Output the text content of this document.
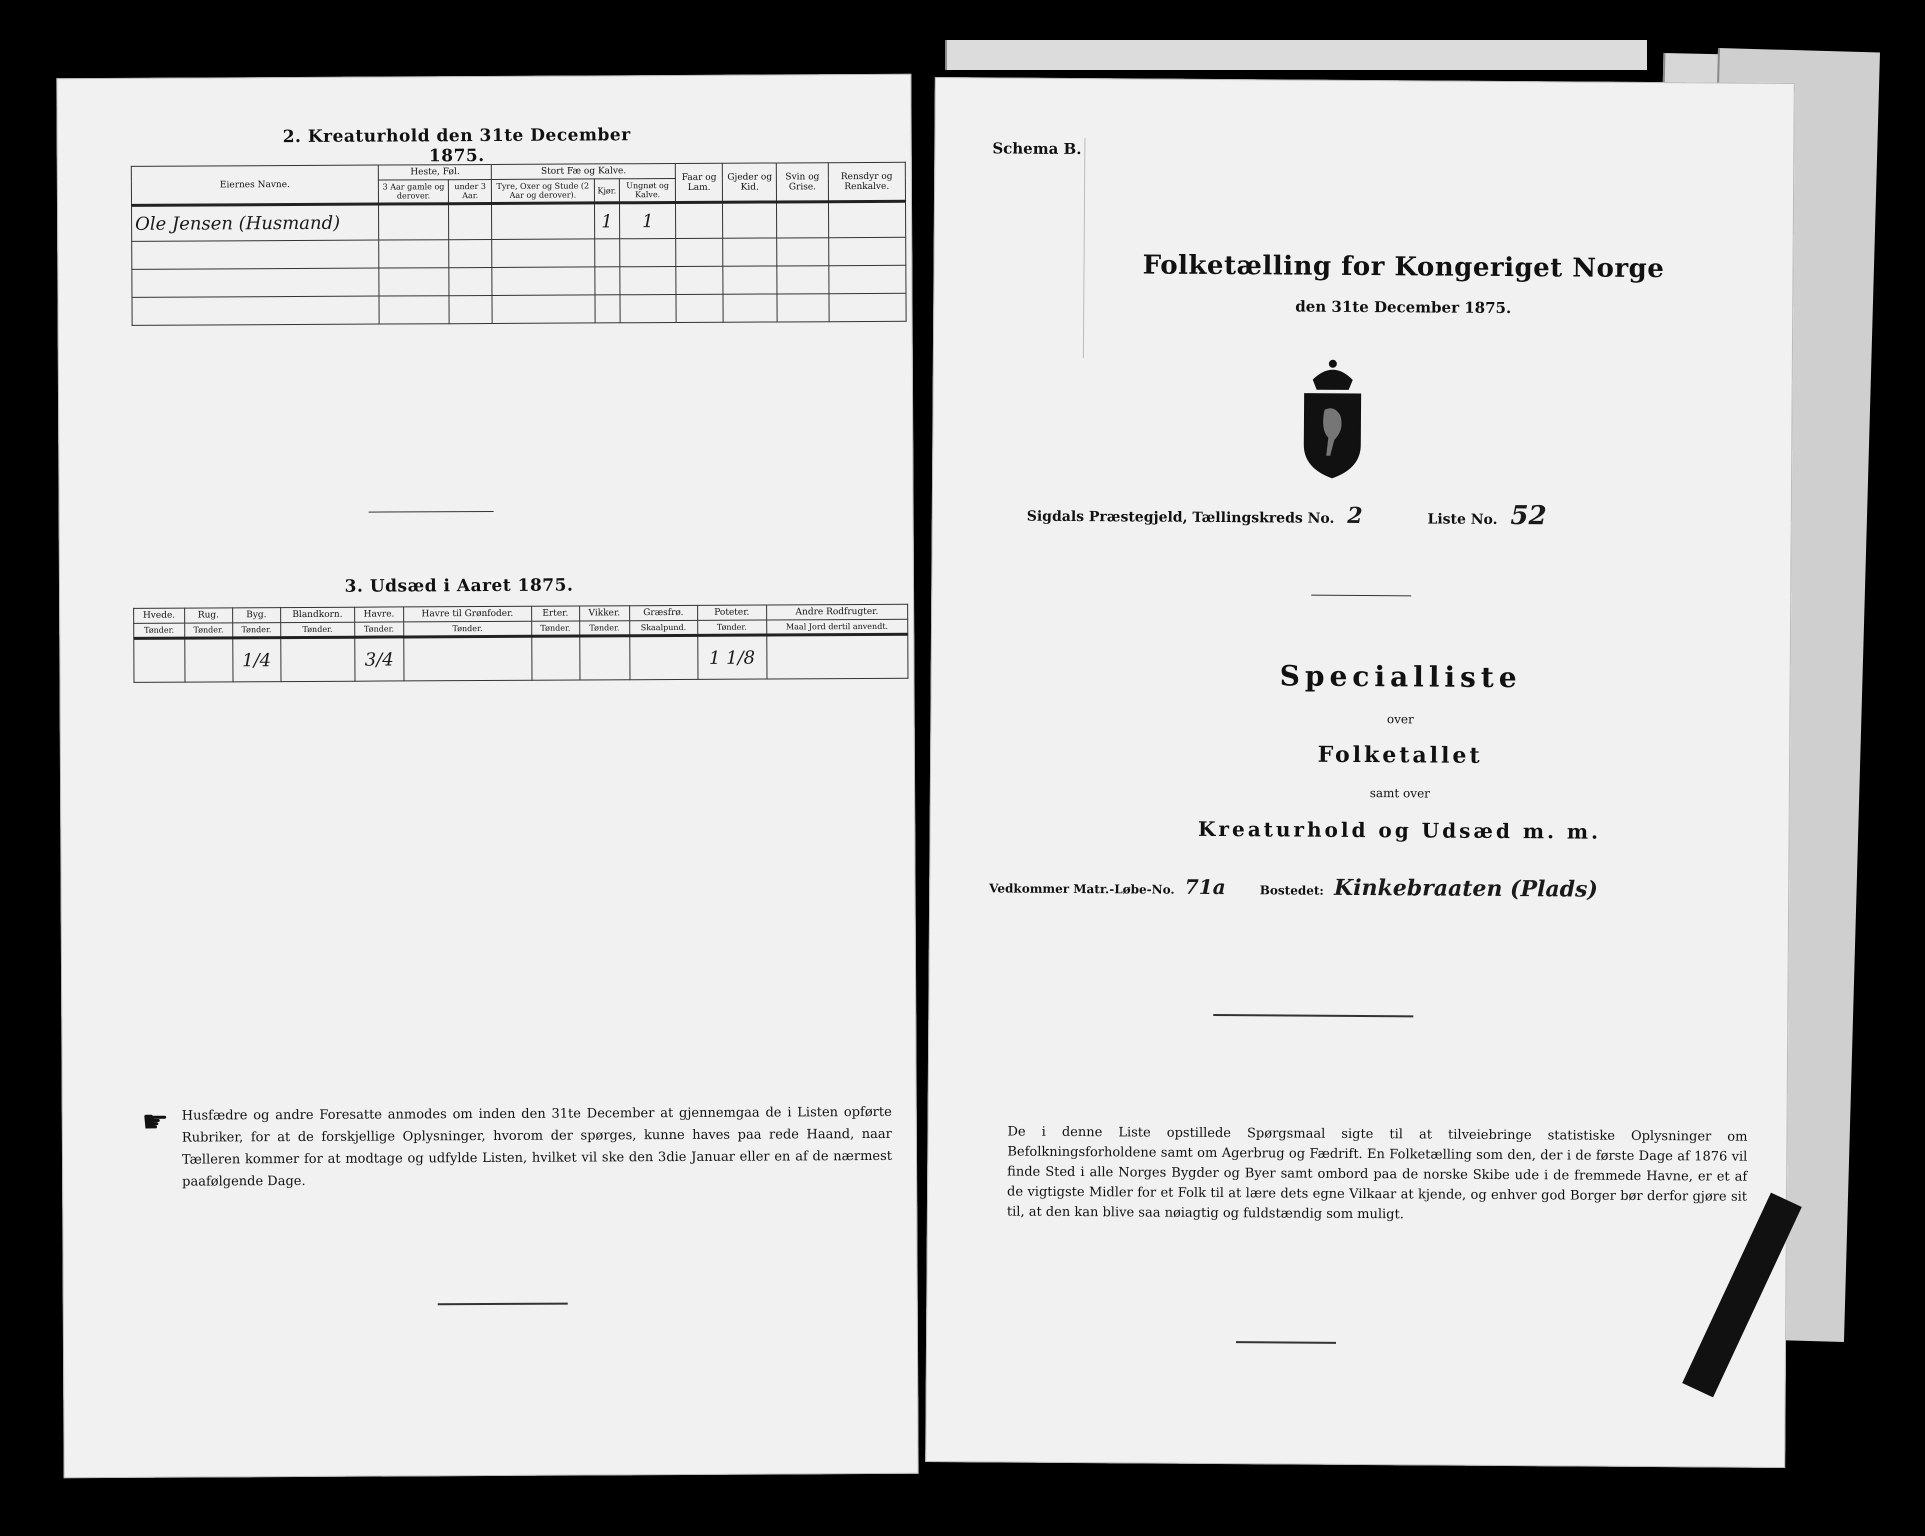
2. Kreaturhold den 31te December 1875.
Eiernes Navne.	Heste, Føl.		Stort Fæ og Kalve.			Faar og Lam.	Gjeder og Kid.	Svin og Grise.	Rensdyr og Renkalve.
	3 Aar gamle og derover.	under 3 Aar.	Tyre, Oxer og Stude (2 Aar og derover).	Kjør.	Ungnøt og Kalve.				
Ole Jensen (Husmand)				1	1				

3. Udsæd i Aaret 1875.
Hvede.	Rug.	Byg.	Blandkorn.	Havre.	Havre til Grønfoder.	Erter.	Vikker.	Græsfrø.	Poteter.	Andre Rodfrugter.
Tønder.	Tønder.	Tønder.	Tønder.	Tønder.	Tønder.	Tønder.	Tønder.	Skaalpund.	Tønder.	Maal Jord dertil anvendt.
		1/4		3/4					1 1/8	
☛ Husfædre og andre Foresatte anmodes om inden den 31te December at gjennemgaa de i Listen opførte Rubriker, for at de forskjellige Oplysninger, hvorom der spørges, kunne haves paa rede Haand, naar Tælleren kommer for at modtage og udfylde Listen, hvilket vil ske den 3die Januar eller en af de nærmest paafølgende Dage.
Schema B.
Folketælling for Kongeriget Norge
den 31te December 1875.
Sigdals Præstegjeld, Tællingskreds No. 2	Liste No. 52
Specialliste
over
Folketallet
samt over
Kreaturhold og Udsæd m. m.
Vedkommer Matr.-Løbe-No. 71a	Bostedet: Kinkebraaten (Plads)
De i denne Liste opstillede Spørgsmaal sigte til at tilveiebringe statistiske Oplysninger om Befolkningsforholdene samt om Agerbrug og Fædrift. En Folketælling som den, der i de første Dage af 1876 vil finde Sted i alle Norges Bygder og Byer samt ombord paa de norske Skibe ude i de fremmede Havne, er et af de vigtigste Midler for et Folk til at lære dets egne Vilkaar at kjende, og enhver god Borger bør derfor gjøre sit til, at den kan blive saa nøiagtig og fuldstændig som muligt.
